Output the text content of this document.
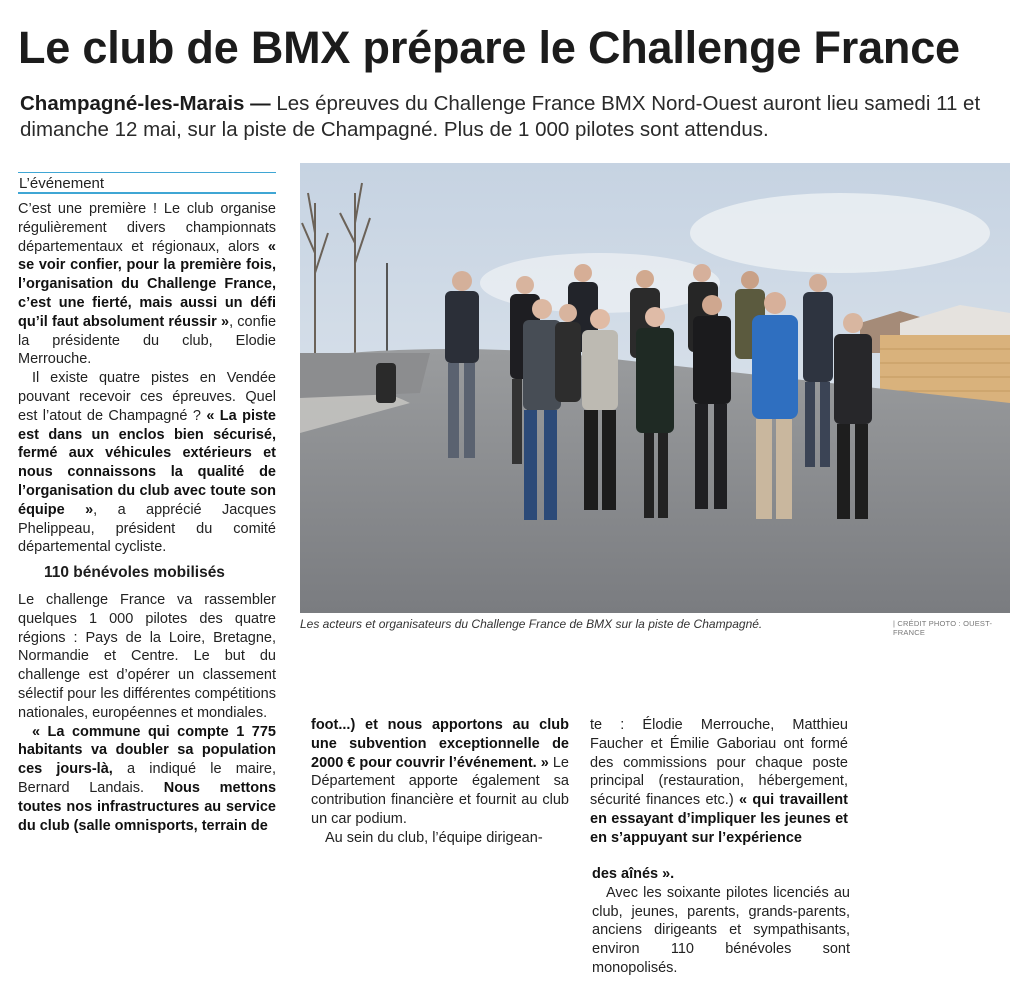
Le club de BMX prépare le Challenge France

Champagné-les-Marais — Les épreuves du Challenge France BMX Nord-Ouest auront lieu samedi 11 et dimanche 12 mai, sur la piste de Champagné. Plus de 1 000 pilotes sont attendus.

L’événement

C’est une première ! Le club organise régulièrement divers championnats départementaux et régionaux, alors « se voir confier, pour la première fois, l’organisation du Challenge France, c’est une fierté, mais aussi un défi qu’il faut absolument réussir », confie la présidente du club, Elodie Merrouche.

Il existe quatre pistes en Vendée pouvant recevoir ces épreuves. Quel est l’atout de Champagné ? « La piste est dans un enclos bien sécurisé, fermé aux véhicules extérieurs et nous connaissons la qualité de l’organisation du club avec toute son équipe », a apprécié Jacques Phelippeau, président du comité départemental cycliste.

110 bénévoles mobilisés

Le challenge France va rassembler quelques 1 000 pilotes des quatre régions : Pays de la Loire, Bretagne, Normandie et Centre. Le but du challenge est d’opérer un classement sélectif pour les différentes compétitions nationales, européennes et mondiales.

« La commune qui compte 1 775 habitants va doubler sa population ces jours-là, a indiqué le maire, Bernard Landais. Nous mettons toutes nos infrastructures au service du club (salle omnisports, terrain de

foot...) et nous apportons au club une subvention exceptionnelle de 2000 € pour couvrir l’événement. » Le Département apporte également sa contribution financière et fournit au club un car podium.

Au sein du club, l’équipe dirigean-

te : Élodie Merrouche, Matthieu Faucher et Émilie Gaboriau ont formé des commissions pour chaque poste principal (restauration, hébergement, sécurité finances etc.) « qui travaillent en essayant d’impliquer les jeunes et en s’appuyant sur l’expérience

des aînés ».

Avec les soixante pilotes licenciés au club, jeunes, parents, grands-parents, anciens dirigeants et sympathisants, environ 110 bénévoles sont monopolisés.

Les acteurs et organisateurs du Challenge France de BMX sur la piste de Champagné.	| CRÉDIT PHOTO : OUEST-FRANCE
